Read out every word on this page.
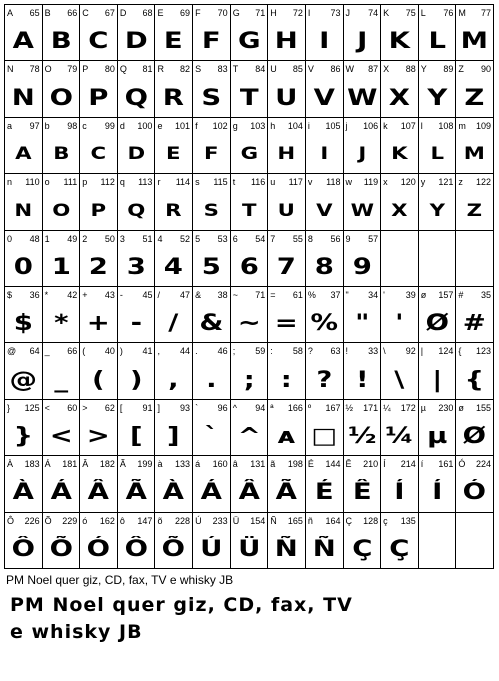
A 65
A
B 66
B
C 67
C
D 68
D
E 69
E
F 70
F
G 71
G
H 72
H
I 73
I
J 74
J
K 75
K
L 76
L
M 77
M
N 78
N
O 79
O
P 80
P
Q 81
Q
R 82
R
S 83
S
T 84
T
U 85
U
V 86
V
W 87
W
X 88
X
Y 89
Y
Z 90
Z
a 97
A
b 98
B
c 99
C
d 100
D
e 101
E
f 102
F
g 103
G
h 104
H
i 105
I
j 106
J
k 107
K
l 108
L
m 109
M
n 110
N
o 111
O
p 112
P
q 113
Q
r 114
R
s 115
S
t 116
T
u 117
U
v 118
V
w 119
W
x 120
X
y 121
Y
z 122
Z
0 48
0
1 49
1
2 50
2
3 51
3
4 52
4
5 53
5
6 54
6
7 55
7
8 56
8
9 57
9
$ 36
$
* 42
*
+ 43
+
- 45
-
/ 47
/
& 38
&
~ 71
~
= 61
=
% 37
%
" 34
"
' 39
'
ø 157
Ø
# 35
#
@ 64
@
_ 66
_
( 40
(
) 41
)
, 44
,
. 46
.
; 59
;
: 58
:
? 63
?
! 33
!
\ 92
\
| 124
|
{ 123
{
} 125
}
< 60
<
> 62
>
[ 91
[
] 93
]
` 96
`
^ 94
^
ª 166
ᴀ
º 167
□
½ 171
½
¼ 172
¼
µ 230
µ
ø 155
Ø
À 183
À
Á 181
Á
Â 182
Â
Ã 199
Ã
à 133
À
á 160
Á
â 131
Â
ã 198
Ã
É 144
É
Ê 210
Ê
Í 214
Í
í 161
Í
Ó 224
Ó
Ô 226
Ô
Õ 229
Õ
ó 162
Ó
ô 147
Ô
õ 228
Õ
Ú 233
Ú
Ü 154
Ü
Ñ 165
Ñ
ñ 164
Ñ
Ç 128
Ç
ç 135
Ç
PM Noel quer giz, CD, fax, TV e whisky JB
PM Noel quer giz, CD, fax, TV
e whisky JB
